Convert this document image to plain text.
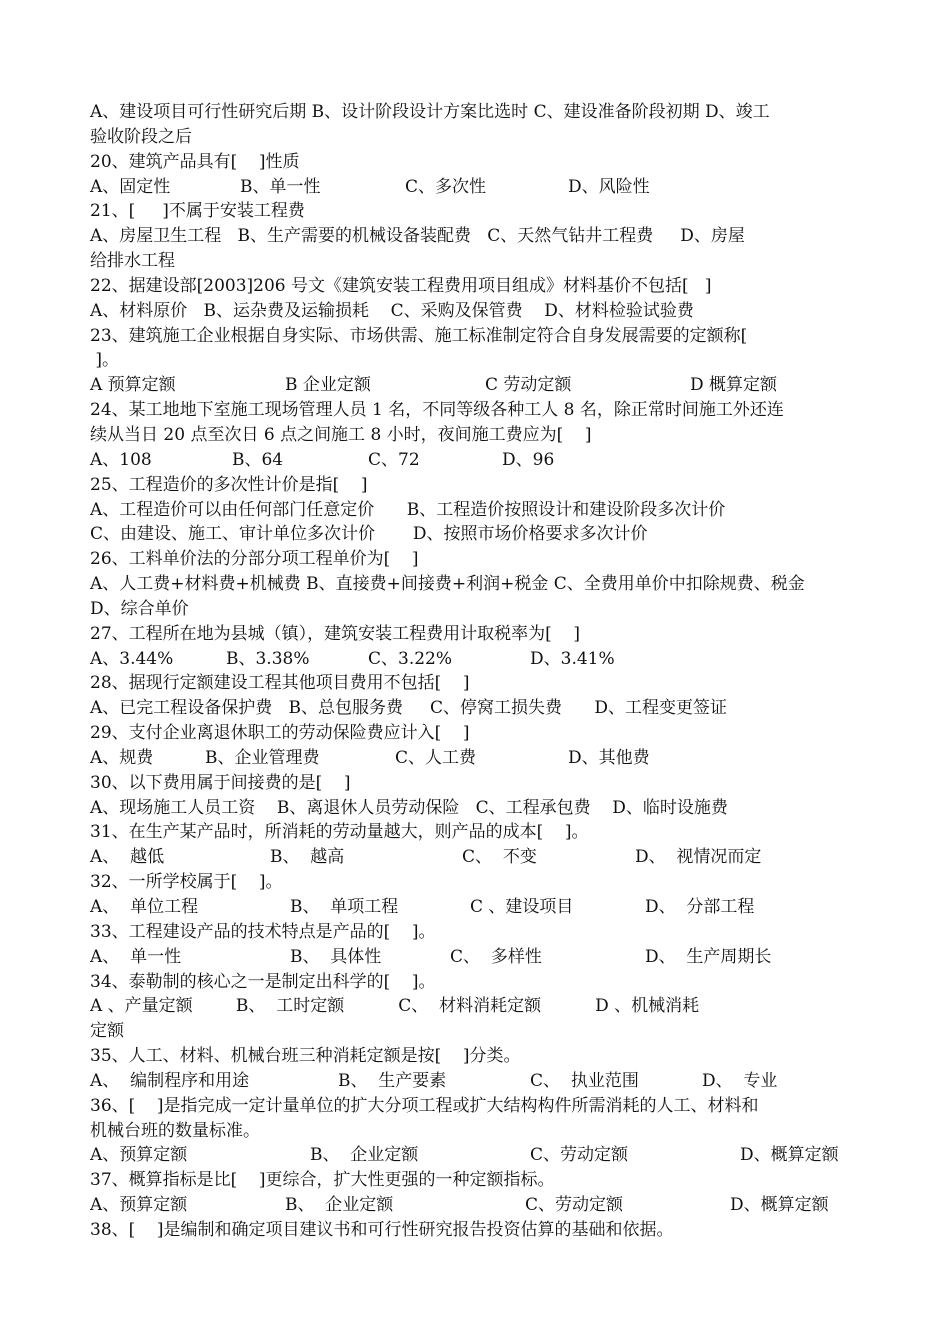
A、建设项目可行性研究后期 B、设计阶段设计方案比选时 C、建设准备阶段初期 D、竣工
验收阶段之后
20、建筑产品具有[    ]性质
A、固定性	B、单一性	C、多次性	D、风险性
21、[     ]不属于安装工程费
A、房屋卫生工程   B、生产需要的机械设备装配费   C、天然气钻井工程费     D、房屋
给排水工程
22、据建设部[2003]206 号文《建筑安装工程费用项目组成》材料基价不包括[   ]
A、材料原价   B、运杂费及运输损耗    C、采购及保管费    D、材料检验试验费
23、建筑施工企业根据自身实际、市场供需、施工标准制定符合自身发展需要的定额称[
]。
A 预算定额	B 企业定额	C 劳动定额	D 概算定额
24、某工地地下室施工现场管理人员 1 名，不同等级各种工人 8 名，除正常时间施工外还连
续从当日 20 点至次日 6 点之间施工 8 小时，夜间施工费应为[    ]
A、108	B、64	C、72	D、96
25、工程造价的多次性计价是指[    ]
A、工程造价可以由任何部门任意定价      B、工程造价按照设计和建设阶段多次计价
C、由建设、施工、审计单位多次计价       D、按照市场价格要求多次计价
26、工料单价法的分部分项工程单价为[    ]
A、人工费+材料费+机械费 B、直接费+间接费+利润+税金 C、全费用单价中扣除规费、税金
D、综合单价
27、工程所在地为县城（镇），建筑安装工程费用计取税率为[    ]
A、3.44%	B、3.38%	C、3.22%	D、3.41%
28、据现行定额建设工程其他项目费用不包括[    ]
A、已完工程设备保护费   B、总包服务费     C、停窝工损失费      D、工程变更签证
29、支付企业离退休职工的劳动保险费应计入[    ]
A、规费	B、企业管理费	C、人工费	D、其他费
30、以下费用属于间接费的是[    ]
A、现场施工人员工资    B、离退休人员劳动保险   C、工程承包费    D、临时设施费
31、在生产某产品时，所消耗的劳动量越大，则产品的成本[    ]。
A、  越低	B、  越高	C、  不变	D、  视情况而定
32、一所学校属于[    ]。
A、  单位工程	B、  单项工程	C 、建设项目	D、  分部工程
33、工程建设产品的技术特点是产品的[    ]。
A、  单一性	B、  具体性	C、  多样性	D、  生产周期长
34、泰勒制的核心之一是制定出科学的[    ]。
A 、产量定额        B、  工时定额          C、  材料消耗定额          D 、机械消耗
定额
35、人工、材料、机械台班三种消耗定额是按[    ]分类。
A、  编制程序和用途	B、  生产要素	C、  执业范围	D、  专业
36、[    ]是指完成一定计量单位的扩大分项工程或扩大结构构件所需消耗的人工、材料和
机械台班的数量标准。
A、预算定额	B、  企业定额	C、劳动定额	D、概算定额
37、概算指标是比[    ]更综合，扩大性更强的一种定额指标。
A、预算定额	B、  企业定额	C、劳动定额	D、概算定额
38、[    ]是编制和确定项目建议书和可行性研究报告投资估算的基础和依据。
